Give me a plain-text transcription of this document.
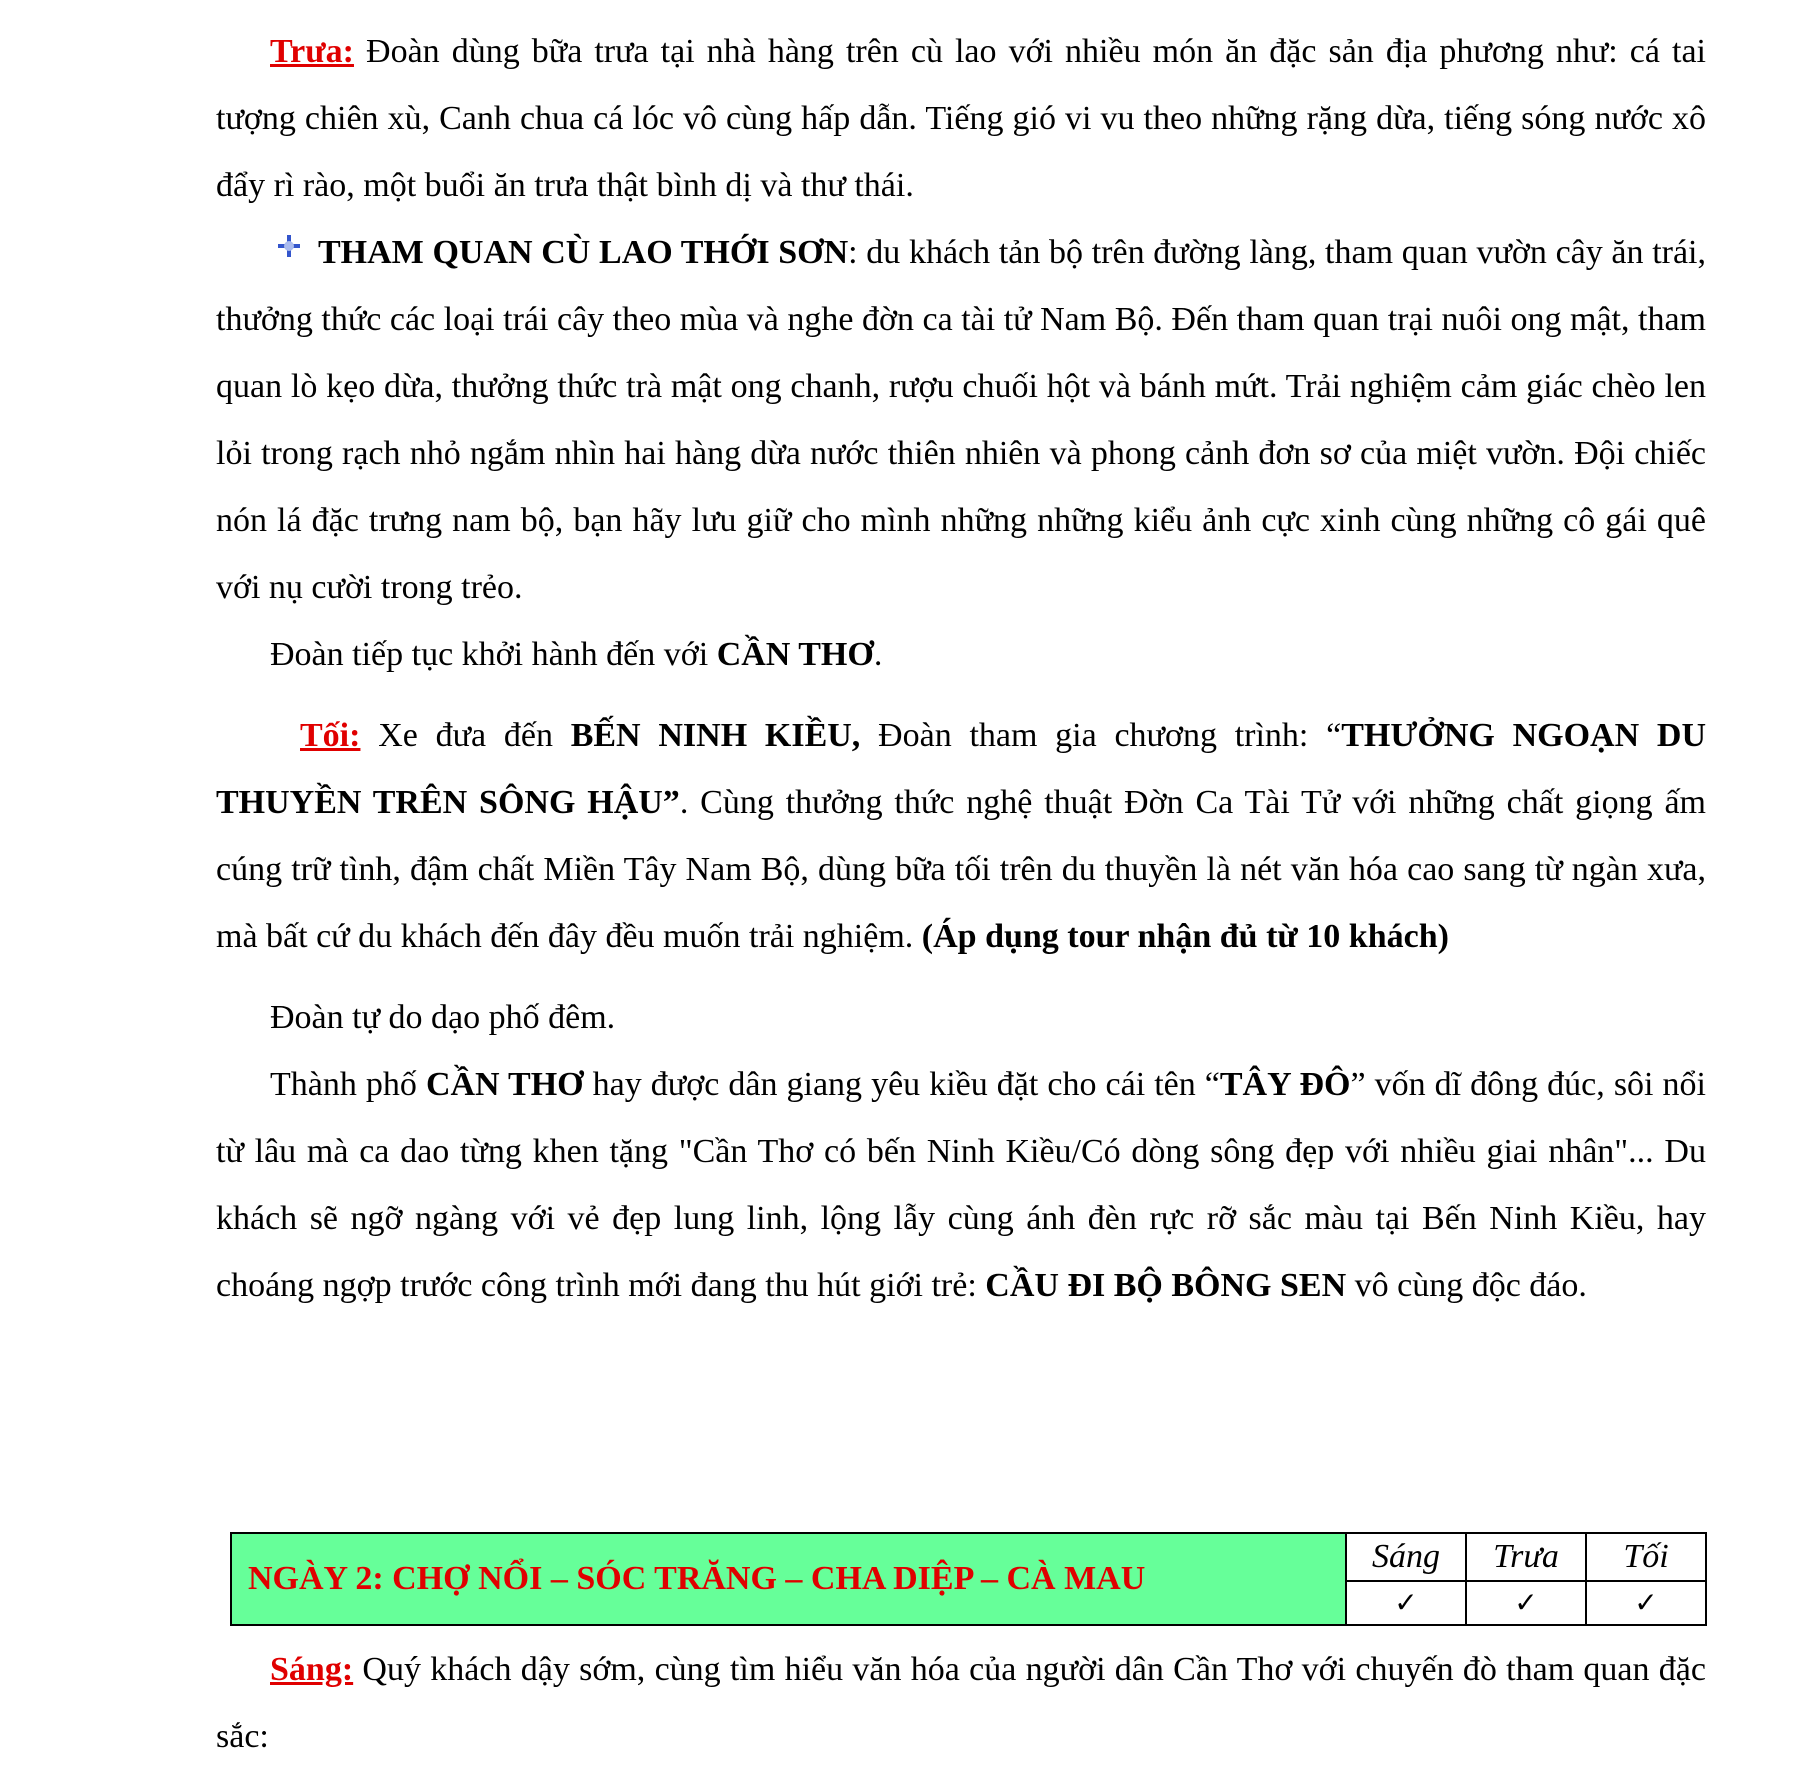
Trưa: Đoàn dùng bữa trưa tại nhà hàng trên cù lao với nhiều món ăn đặc sản địa phương như: cá tai tượng chiên xù, Canh chua cá lóc vô cùng hấp dẫn. Tiếng gió vi vu theo những rặng dừa, tiếng sóng nước xô đẩy rì rào, một buổi ăn trưa thật bình dị và thư thái.

THAM QUAN CÙ LAO THỚI SƠN: du khách tản bộ trên đường làng, tham quan vườn cây ăn trái, thưởng thức các loại trái cây theo mùa và nghe đờn ca tài tử Nam Bộ. Đến tham quan trại nuôi ong mật, tham quan lò kẹo dừa, thưởng thức trà mật ong chanh, rượu chuối hột và bánh mứt. Trải nghiệm cảm giác chèo len lỏi trong rạch nhỏ ngắm nhìn hai hàng dừa nước thiên nhiên và phong cảnh đơn sơ của miệt vườn. Đội chiếc nón lá đặc trưng nam bộ, bạn hãy lưu giữ cho mình những những kiểu ảnh cực xinh cùng những cô gái quê với nụ cười trong trẻo.

Đoàn tiếp tục khởi hành đến với CẦN THƠ.

Tối: Xe đưa đến BẾN NINH KIỀU, Đoàn tham gia chương trình: “THƯỞNG NGOẠN DU THUYỀN TRÊN SÔNG HẬU”. Cùng thưởng thức nghệ thuật Đờn Ca Tài Tử với những chất giọng ấm cúng trữ tình, đậm chất Miền Tây Nam Bộ, dùng bữa tối trên du thuyền là nét văn hóa cao sang từ ngàn xưa, mà bất cứ du khách đến đây đều muốn trải nghiệm. (Áp dụng tour nhận đủ từ 10 khách)

Đoàn tự do dạo phố đêm.

Thành phố CẦN THƠ hay được dân giang yêu kiều đặt cho cái tên “TÂY ĐÔ” vốn dĩ đông đúc, sôi nổi từ lâu mà ca dao từng khen tặng "Cần Thơ có bến Ninh Kiều/Có dòng sông đẹp với nhiều giai nhân"... Du khách sẽ ngỡ ngàng với vẻ đẹp lung linh, lộng lẫy cùng ánh đèn rực rỡ sắc màu tại Bến Ninh Kiều, hay choáng ngợp trước công trình mới đang thu hút giới trẻ: CẦU ĐI BỘ BÔNG SEN vô cùng độc đáo.

NGÀY 2: CHỢ NỔI – SÓC TRĂNG – CHA DIỆP – CÀ MAU		Sáng	Trưa	Tối
		✓	✓	✓

Sáng: Quý khách dậy sớm, cùng tìm hiểu văn hóa của người dân Cần Thơ với chuyến đò tham quan đặc sắc:
